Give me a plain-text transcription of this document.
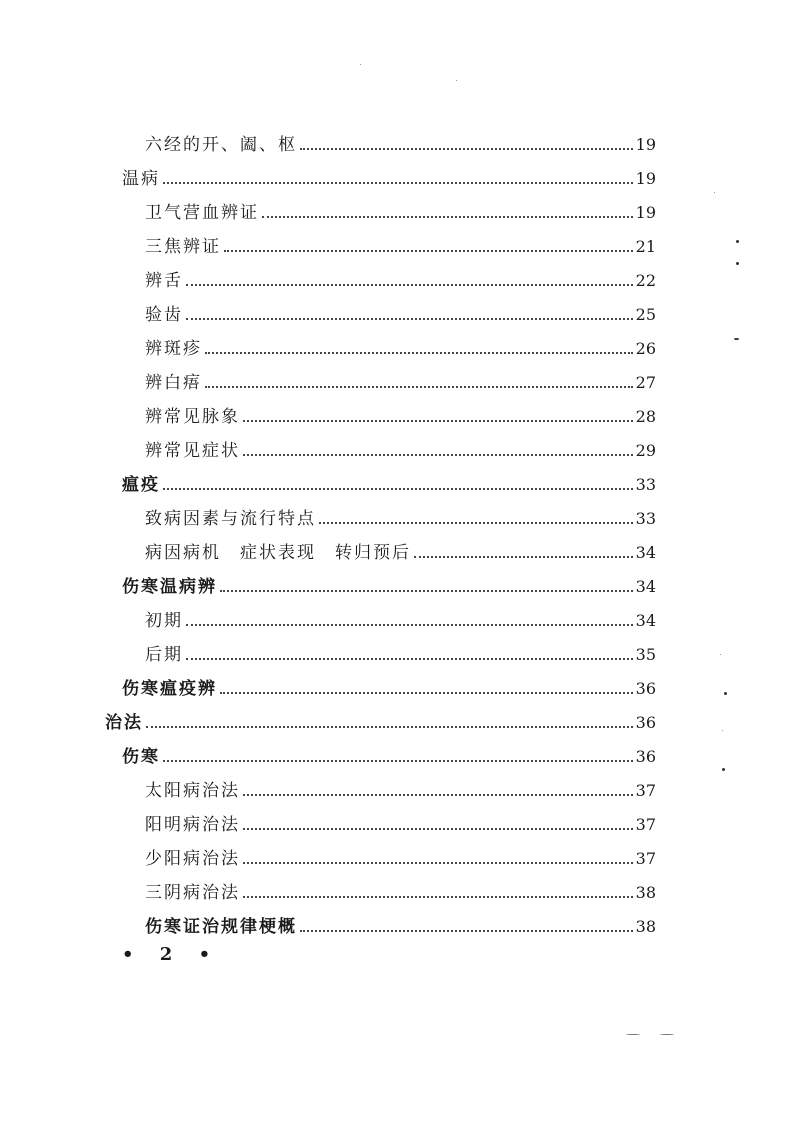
六经的开、阖、枢	19
温病	19
卫气营血辨证	19
三焦辨证	21
辨舌	22
验齿	25
辨斑疹	26
辨白痦	27
辨常见脉象	28
辨常见症状	29
瘟疫	33
致病因素与流行特点	33
病因病机　症状表现　转归预后	34
伤寒温病辨	34
初期	34
后期	35
伤寒瘟疫辨	36
治法	36
伤寒	36
太阳病治法	37
阳明病治法	37
少阳病治法	37
三阴病治法	38
伤寒证治规律梗概	38
• 2 •
